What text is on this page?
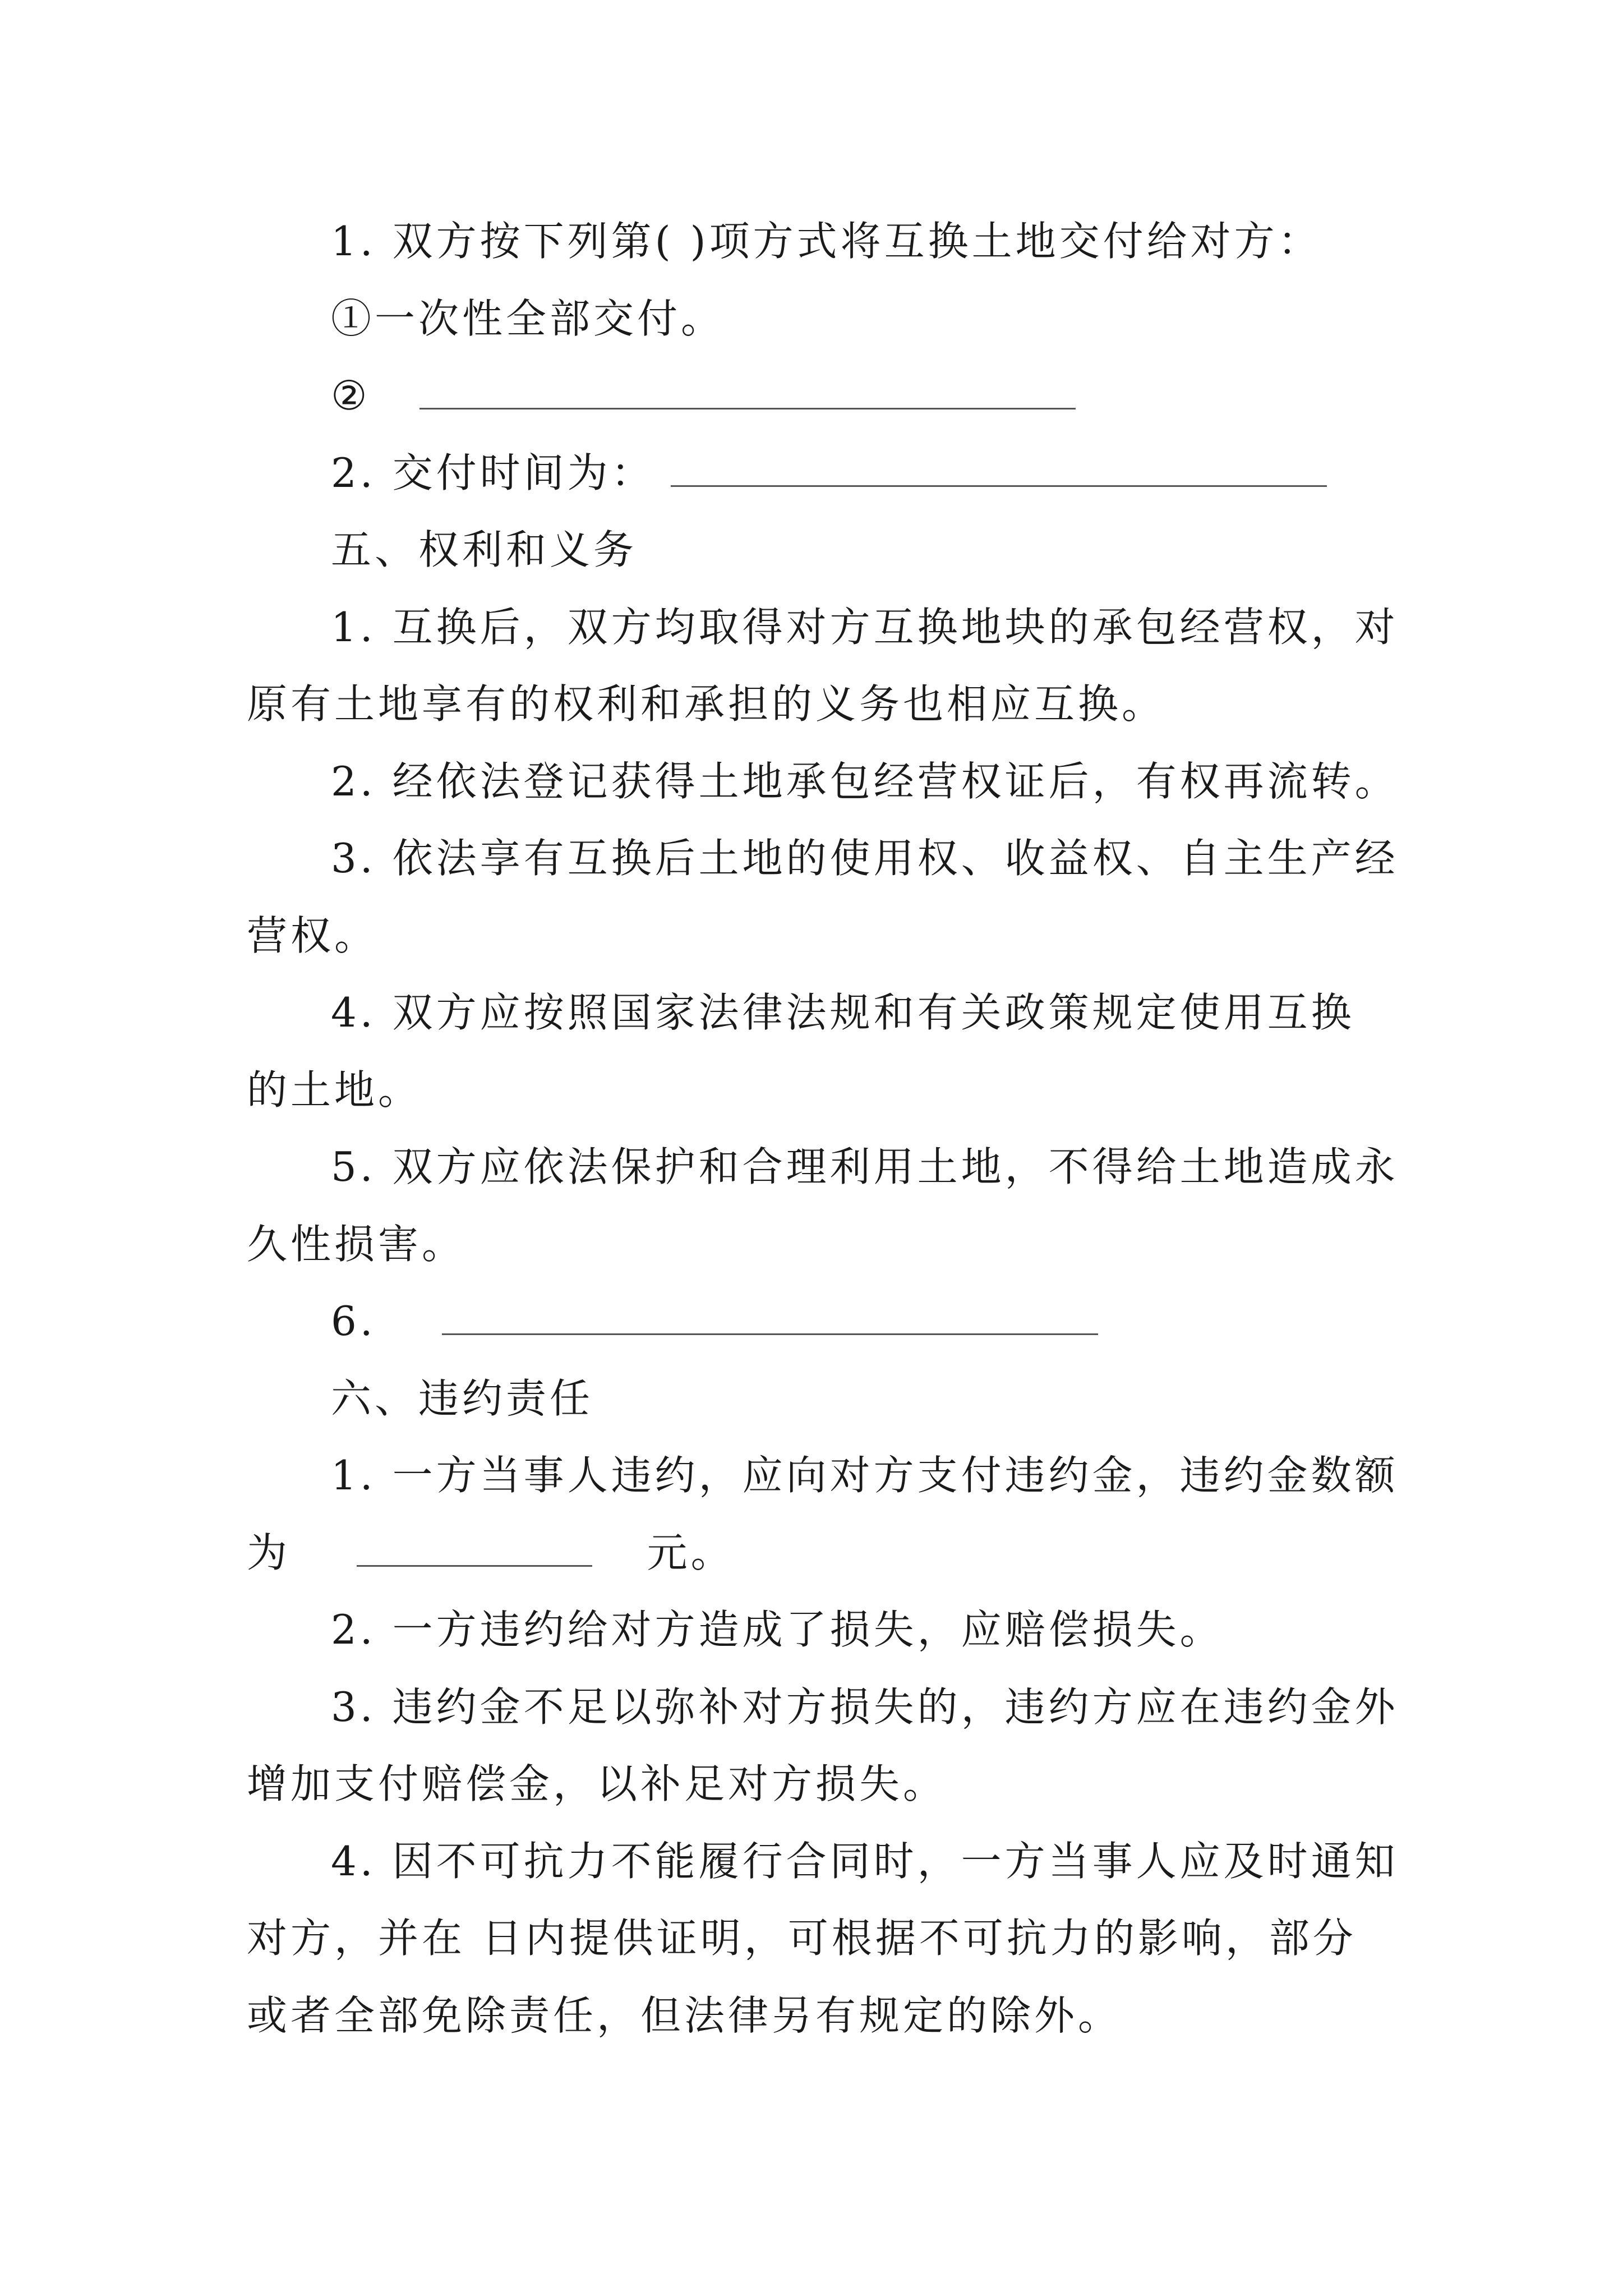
1. 双方按下列第( )项方式将互换土地交付给对方：
①一次性全部交付。
②
2. 交付时间为：
五、权利和义务
1. 互换后，双方均取得对方互换地块的承包经营权，对
原有土地享有的权利和承担的义务也相应互换。
2. 经依法登记获得土地承包经营权证后，有权再流转。
3. 依法享有互换后土地的使用权、收益权、自主生产经
营权。
4. 双方应按照国家法律法规和有关政策规定使用互换
的土地。
5. 双方应依法保护和合理利用土地，不得给土地造成永
久性损害。
6.
六、违约责任
1. 一方当事人违约，应向对方支付违约金，违约金数额
为	元。
2. 一方违约给对方造成了损失，应赔偿损失。
3. 违约金不足以弥补对方损失的，违约方应在违约金外
增加支付赔偿金，以补足对方损失。
4. 因不可抗力不能履行合同时，一方当事人应及时通知
对方，并在 日内提供证明，可根据不可抗力的影响，部分
或者全部免除责任，但法律另有规定的除外。
